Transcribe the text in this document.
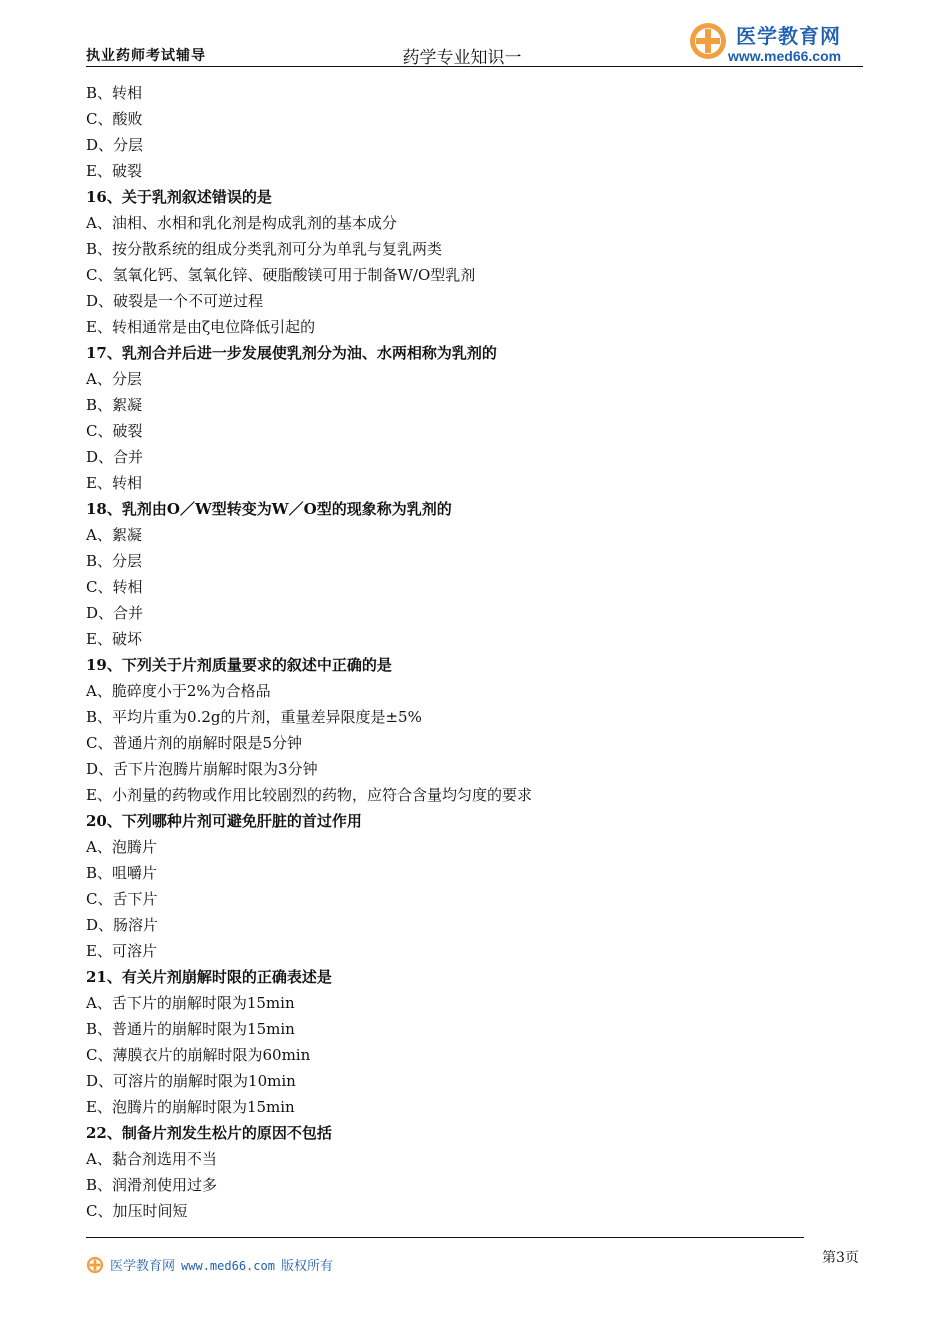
执业药师考试辅导	药学专业知识一
医学教育网
www.med66.com
B、转相
C、酸败
D、分层
E、破裂
16、关于乳剂叙述错误的是
A、油相、水相和乳化剂是构成乳剂的基本成分
B、按分散系统的组成分类乳剂可分为单乳与复乳两类
C、氢氧化钙、氢氧化锌、硬脂酸镁可用于制备W/O型乳剂
D、破裂是一个不可逆过程
E、转相通常是由ζ电位降低引起的
17、乳剂合并后进一步发展使乳剂分为油、水两相称为乳剂的
A、分层
B、絮凝
C、破裂
D、合并
E、转相
18、乳剂由O／W型转变为W／O型的现象称为乳剂的
A、絮凝
B、分层
C、转相
D、合并
E、破坏
19、下列关于片剂质量要求的叙述中正确的是
A、脆碎度小于2%为合格品
B、平均片重为0.2g的片剂，重量差异限度是±5%
C、普通片剂的崩解时限是5分钟
D、舌下片泡腾片崩解时限为3分钟
E、小剂量的药物或作用比较剧烈的药物，应符合含量均匀度的要求
20、下列哪种片剂可避免肝脏的首过作用
A、泡腾片
B、咀嚼片
C、舌下片
D、肠溶片
E、可溶片
21、有关片剂崩解时限的正确表述是
A、舌下片的崩解时限为15min
B、普通片的崩解时限为15min
C、薄膜衣片的崩解时限为60min
D、可溶片的崩解时限为10min
E、泡腾片的崩解时限为15min
22、制备片剂发生松片的原因不包括
A、黏合剂选用不当
B、润滑剂使用过多
C、加压时间短
医学教育网 www.med66.com 版权所有
第3页
